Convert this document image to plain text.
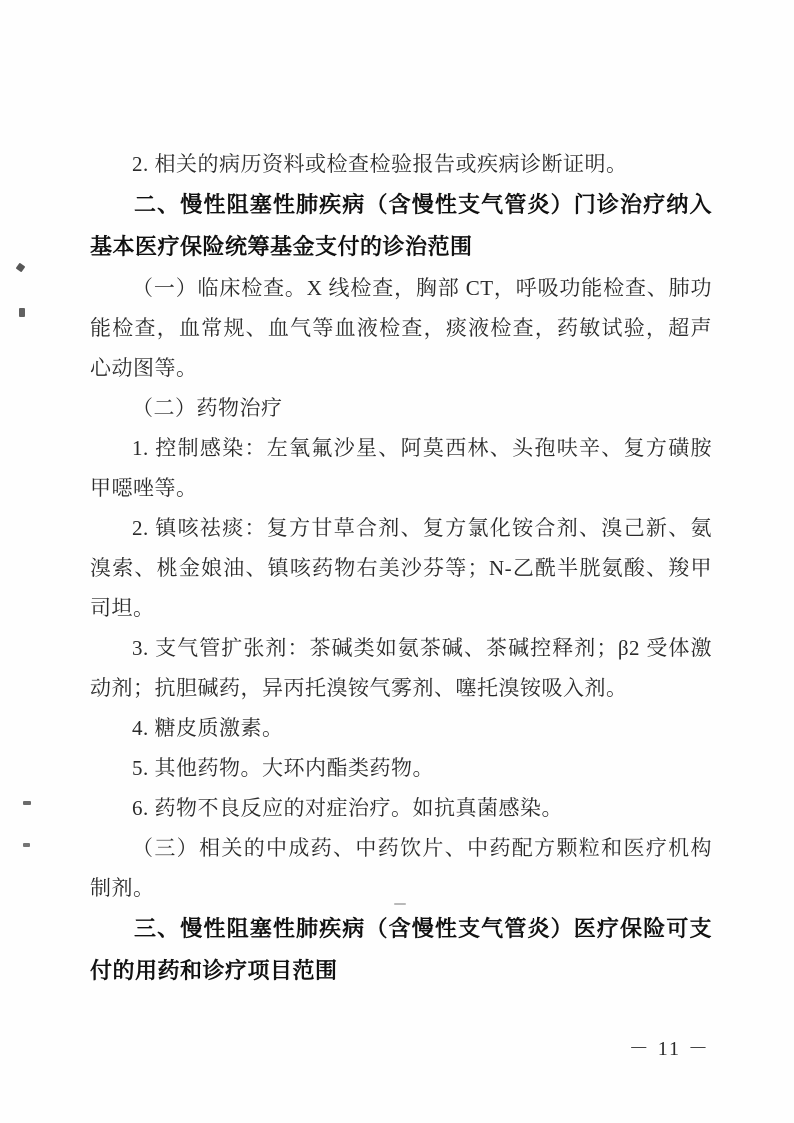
2. 相关的病历资料或检查检验报告或疾病诊断证明。

二、慢性阻塞性肺疾病（含慢性支气管炎）门诊治疗纳入基本医疗保险统筹基金支付的诊治范围

（一）临床检查。X 线检查，胸部 CT，呼吸功能检查、肺功能检查，血常规、血气等血液检查，痰液检查，药敏试验，超声心动图等。

（二）药物治疗

1. 控制感染：左氧氟沙星、阿莫西林、头孢呋辛、复方磺胺甲噁唑等。

2. 镇咳祛痰：复方甘草合剂、复方氯化铵合剂、溴己新、氨溴索、桃金娘油、镇咳药物右美沙芬等；N-乙酰半胱氨酸、羧甲司坦。

3. 支气管扩张剂：茶碱类如氨茶碱、茶碱控释剂；β2 受体激动剂；抗胆碱药，异丙托溴铵气雾剂、噻托溴铵吸入剂。

4. 糖皮质激素。

5. 其他药物。大环内酯类药物。

6. 药物不良反应的对症治疗。如抗真菌感染。

（三）相关的中成药、中药饮片、中药配方颗粒和医疗机构制剂。

三、慢性阻塞性肺疾病（含慢性支气管炎）医疗保险可支付的用药和诊疗项目范围

－ 11 －
